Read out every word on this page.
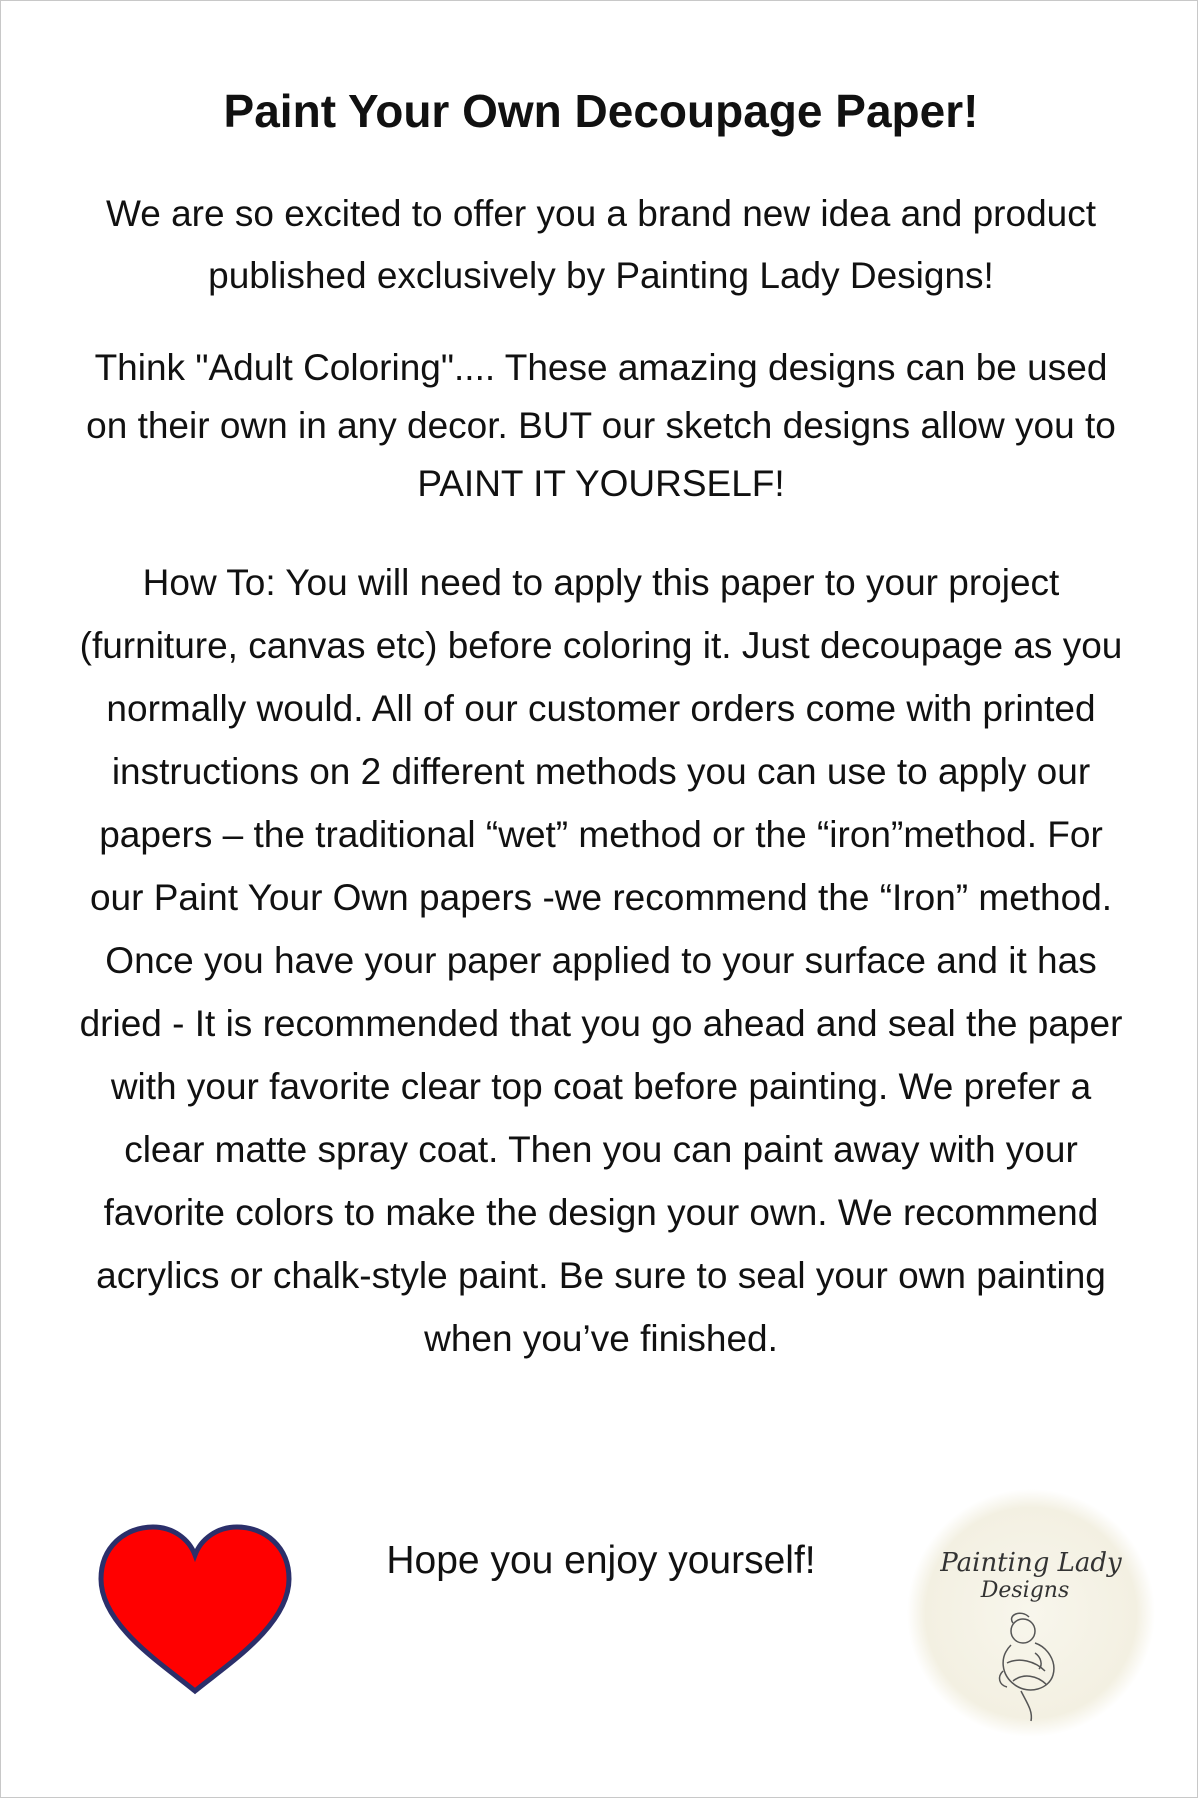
Paint Your Own Decoupage Paper!
We are so excited to offer you a brand new idea and product published exclusively by Painting Lady Designs!
Think "Adult Coloring".... These amazing designs can be used on their own in any decor. BUT our sketch designs allow you to PAINT IT YOURSELF!
How To: You will need to apply this paper to your project (furniture, canvas etc) before coloring it. Just decoupage as you normally would. All of our customer orders come with printed instructions on 2 different methods you can use to apply our papers – the traditional “wet” method or the “iron”method. For our Paint Your Own papers -we recommend the “Iron” method. Once you have your paper applied to your surface and it has dried - It is recommended that you go ahead and seal the paper with your favorite clear top coat before painting. We prefer a clear matte spray coat. Then you can paint away with your favorite colors to make the design your own. We recommend acrylics or chalk-style paint. Be sure to seal your own painting when you’ve finished.
Hope you enjoy yourself!	Painting Lady
Designs
